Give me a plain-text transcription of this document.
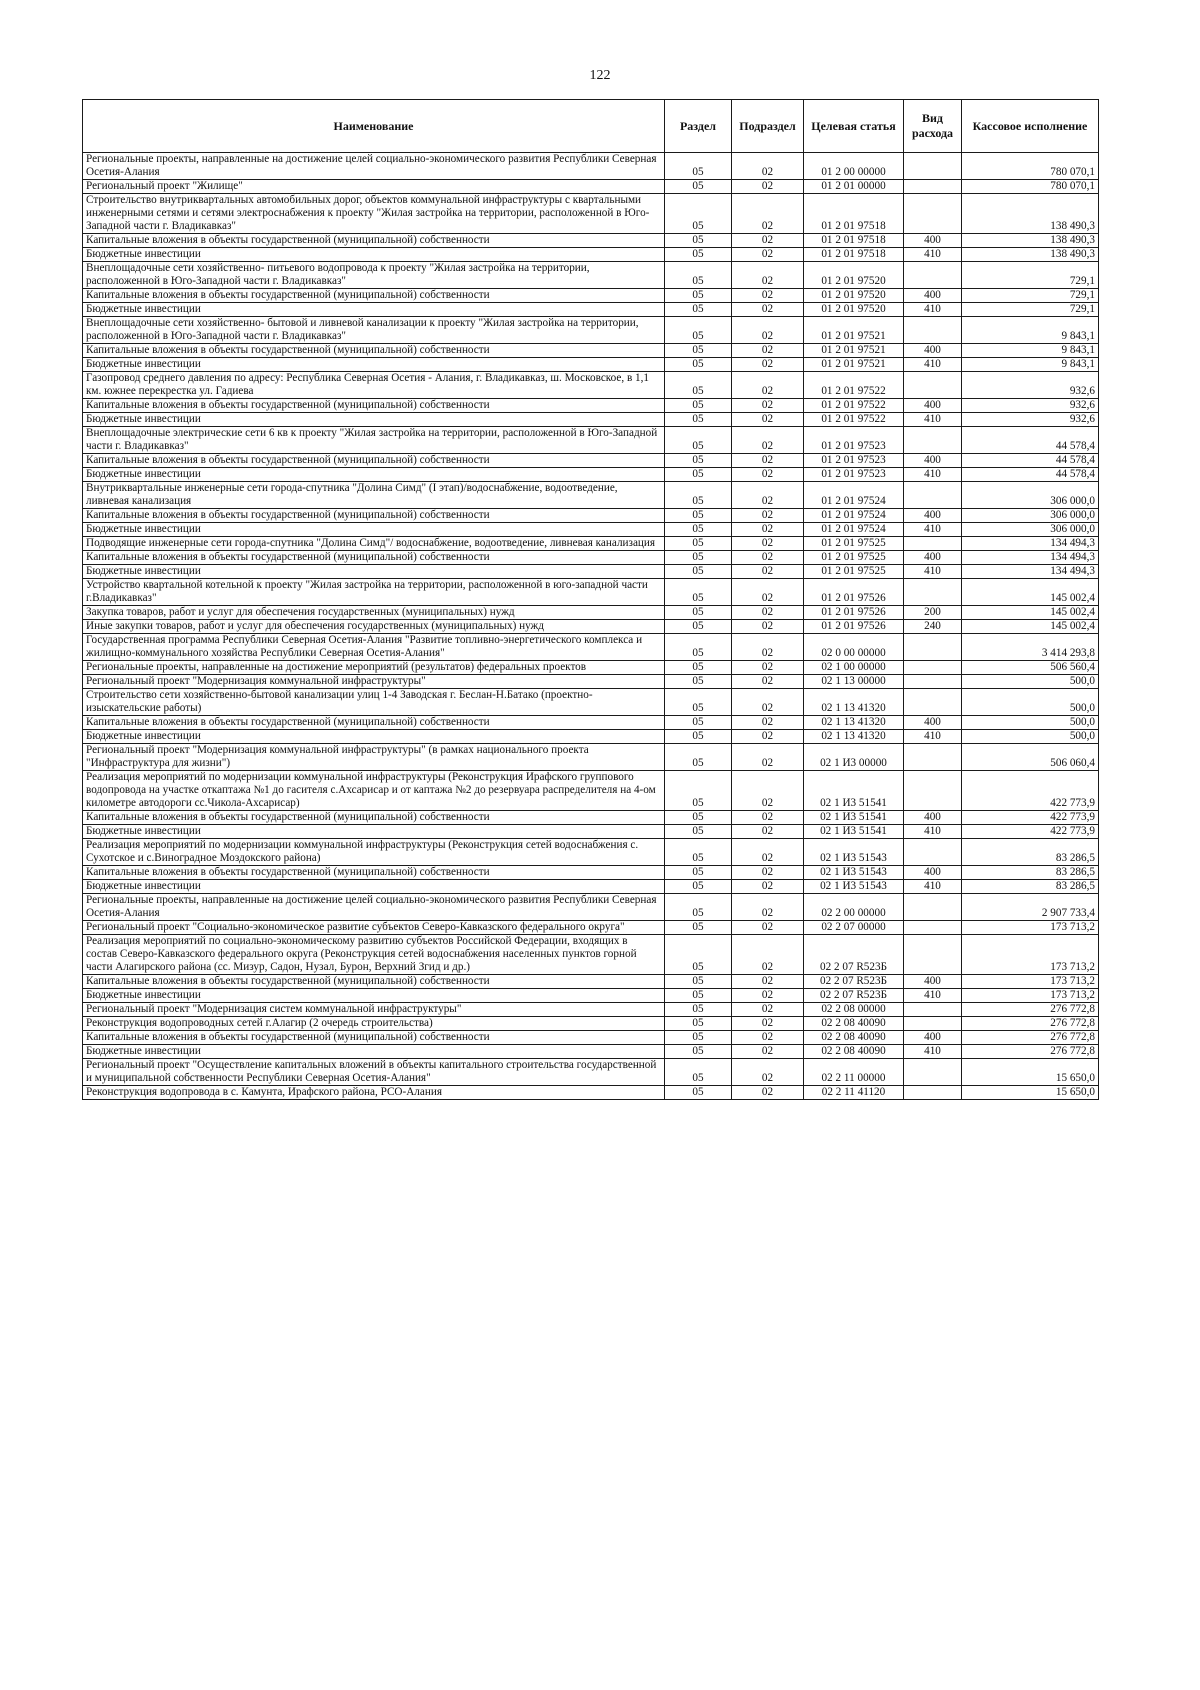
122
Наименование	Раздел	Подраздел	Целевая статья	Вид расхода	Кассовое исполнение
Региональные проекты, направленные на достижение целей социально-экономического развития Республики Северная Осетия-Алания	05	02	01 2 00 00000		780 070,1
Региональный проект "Жилище"	05	02	01 2 01 00000		780 070,1
Строительство внутриквартальных автомобильных дорог, объектов коммунальной инфраструктуры с квартальными инженерными сетями и сетями электроснабжения к проекту "Жилая застройка на территории, расположенной в Юго-Западной части г. Владикавказ"	05	02	01 2 01 97518		138 490,3
Капитальные вложения в объекты государственной (муниципальной) собственности	05	02	01 2 01 97518	400	138 490,3
Бюджетные инвестиции	05	02	01 2 01 97518	410	138 490,3
Внеплощадочные сети хозяйственно- питьевого водопровода к проекту "Жилая застройка на территории, расположенной в Юго-Западной части г. Владикавказ"	05	02	01 2 01 97520		729,1
Капитальные вложения в объекты государственной (муниципальной) собственности	05	02	01 2 01 97520	400	729,1
Бюджетные инвестиции	05	02	01 2 01 97520	410	729,1
Внеплощадочные сети хозяйственно- бытовой и ливневой канализации к проекту "Жилая застройка на территории, расположенной в Юго-Западной части г. Владикавказ"	05	02	01 2 01 97521		9 843,1
Капитальные вложения в объекты государственной (муниципальной) собственности	05	02	01 2 01 97521	400	9 843,1
Бюджетные инвестиции	05	02	01 2 01 97521	410	9 843,1
Газопровод среднего давления по адресу: Республика Северная Осетия - Алания, г. Владикавказ, ш. Московское, в 1,1 км. южнее перекрестка ул. Гадиева	05	02	01 2 01 97522		932,6
Капитальные вложения в объекты государственной (муниципальной) собственности	05	02	01 2 01 97522	400	932,6
Бюджетные инвестиции	05	02	01 2 01 97522	410	932,6
Внеплощадочные электрические сети 6 кв к проекту "Жилая застройка на территории, расположенной в Юго-Западной части г. Владикавказ"	05	02	01 2 01 97523		44 578,4
Капитальные вложения в объекты государственной (муниципальной) собственности	05	02	01 2 01 97523	400	44 578,4
Бюджетные инвестиции	05	02	01 2 01 97523	410	44 578,4
Внутриквартальные инженерные сети города-спутника "Долина Симд" (I этап)/водоснабжение, водоотведение, ливневая канализация	05	02	01 2 01 97524		306 000,0
Капитальные вложения в объекты государственной (муниципальной) собственности	05	02	01 2 01 97524	400	306 000,0
Бюджетные инвестиции	05	02	01 2 01 97524	410	306 000,0
Подводящие инженерные сети города-спутника "Долина Симд"/ водоснабжение, водоотведение, ливневая канализация	05	02	01 2 01 97525		134 494,3
Капитальные вложения в объекты государственной (муниципальной) собственности	05	02	01 2 01 97525	400	134 494,3
Бюджетные инвестиции	05	02	01 2 01 97525	410	134 494,3
Устройство квартальной котельной к проекту "Жилая застройка на территории, расположенной в юго-западной части г.Владикавказ"	05	02	01 2 01 97526		145 002,4
Закупка товаров, работ и услуг для обеспечения государственных (муниципальных) нужд	05	02	01 2 01 97526	200	145 002,4
Иные закупки товаров, работ и услуг для обеспечения государственных (муниципальных) нужд	05	02	01 2 01 97526	240	145 002,4
Государственная программа Республики Северная Осетия-Алания "Развитие топливно-энергетического комплекса и жилищно-коммунального хозяйства Республики Северная Осетия-Алания"	05	02	02 0 00 00000		3 414 293,8
Региональные проекты, направленные на достижение мероприятий (результатов) федеральных проектов	05	02	02 1 00 00000		506 560,4
Региональный проект "Модернизация коммунальной инфраструктуры"	05	02	02 1 13 00000		500,0
Строительство сети хозяйственно-бытовой канализации улиц 1-4 Заводская г. Беслан-Н.Батако (проектно-изыскательские работы)	05	02	02 1 13 41320		500,0
Капитальные вложения в объекты государственной (муниципальной) собственности	05	02	02 1 13 41320	400	500,0
Бюджетные инвестиции	05	02	02 1 13 41320	410	500,0
Региональный проект "Модернизация коммунальной инфраструктуры" (в рамках национального проекта "Инфраструктура для жизни")	05	02	02 1 И3 00000		506 060,4
Реализация мероприятий по модернизации коммунальной инфраструктуры (Реконструкция Ирафского группового водопровода на участке откаптажа №1 до гасителя с.Ахсарисар и от каптажа №2 до резервуара распределителя на 4-ом километре автодороги сс.Чикола-Ахсарисар)	05	02	02 1 И3 51541		422 773,9
Капитальные вложения в объекты государственной (муниципальной) собственности	05	02	02 1 И3 51541	400	422 773,9
Бюджетные инвестиции	05	02	02 1 И3 51541	410	422 773,9
Реализация мероприятий по модернизации коммунальной инфраструктуры (Реконструкция сетей водоснабжения с. Сухотское и с.Виноградное Моздокского района)	05	02	02 1 И3 51543		83 286,5
Капитальные вложения в объекты государственной (муниципальной) собственности	05	02	02 1 И3 51543	400	83 286,5
Бюджетные инвестиции	05	02	02 1 И3 51543	410	83 286,5
Региональные проекты, направленные на достижение целей социально-экономического развития Республики Северная Осетия-Алания	05	02	02 2 00 00000		2 907 733,4
Региональный проект "Социально-экономическое развитие субъектов Северо-Кавказского федерального округа"	05	02	02 2 07 00000		173 713,2
Реализация мероприятий по социально-экономическому развитию субъектов Российской Федерации, входящих в состав Северо-Кавказского федерального округа (Реконструкция сетей водоснабжения населенных пунктов горной части Алагирского района (сс. Мизур, Садон, Нузал, Бурон, Верхний Згид и др.)	05	02	02 2 07 R523Б		173 713,2
Капитальные вложения в объекты государственной (муниципальной) собственности	05	02	02 2 07 R523Б	400	173 713,2
Бюджетные инвестиции	05	02	02 2 07 R523Б	410	173 713,2
Региональный проект "Модернизация систем коммунальной инфраструктуры"	05	02	02 2 08 00000		276 772,8
Реконструкция водопроводных сетей г.Алагир (2 очередь строительства)	05	02	02 2 08 40090		276 772,8
Капитальные вложения в объекты государственной (муниципальной) собственности	05	02	02 2 08 40090	400	276 772,8
Бюджетные инвестиции	05	02	02 2 08 40090	410	276 772,8
Региональный проект "Осуществление капитальных вложений в объекты капитального строительства государственной и муниципальной собственности Республики Северная Осетия-Алания"	05	02	02 2 11 00000		15 650,0
Реконструкция водопровода в с. Камунта, Ирафского района, РСО-Алания	05	02	02 2 11 41120		15 650,0
